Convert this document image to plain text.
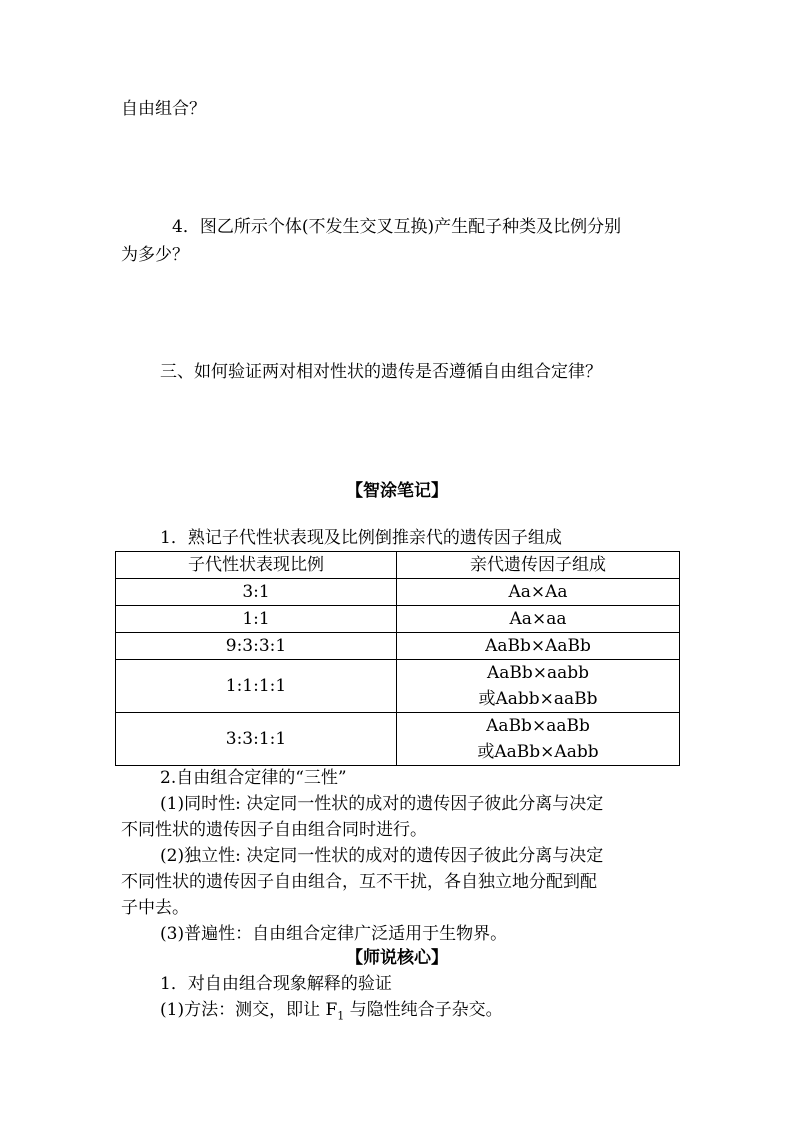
自由组合？
4．图乙所示个体(不发生交叉互换)产生配子种类及比例分别
为多少？
三、如何验证两对相对性状的遗传是否遵循自由组合定律？
【智涂笔记】
1．熟记子代性状表现及比例倒推亲代的遗传因子组成
子代性状表现比例	亲代遗传因子组成
3:1	Aa×Aa
1:1	Aa×aa
9:3:3:1	AaBb×AaBb
1:1:1:1	AaBb×aabb
或Aabb×aaBb

3:3:1:1	AaBb×aaBb
或AaBb×Aabb
2.自由组合定律的“三性”
(1)同时性: 决定同一性状的成对的遗传因子彼此分离与决定
不同性状的遗传因子自由组合同时进行。
(2)独立性: 决定同一性状的成对的遗传因子彼此分离与决定
不同性状的遗传因子自由组合，互不干扰，各自独立地分配到配
子中去。
(3)普遍性：自由组合定律广泛适用于生物界。
【师说核心】
1．对自由组合现象解释的验证
(1)方法：测交，即让 $F_1$ 与隐性纯合子杂交。
